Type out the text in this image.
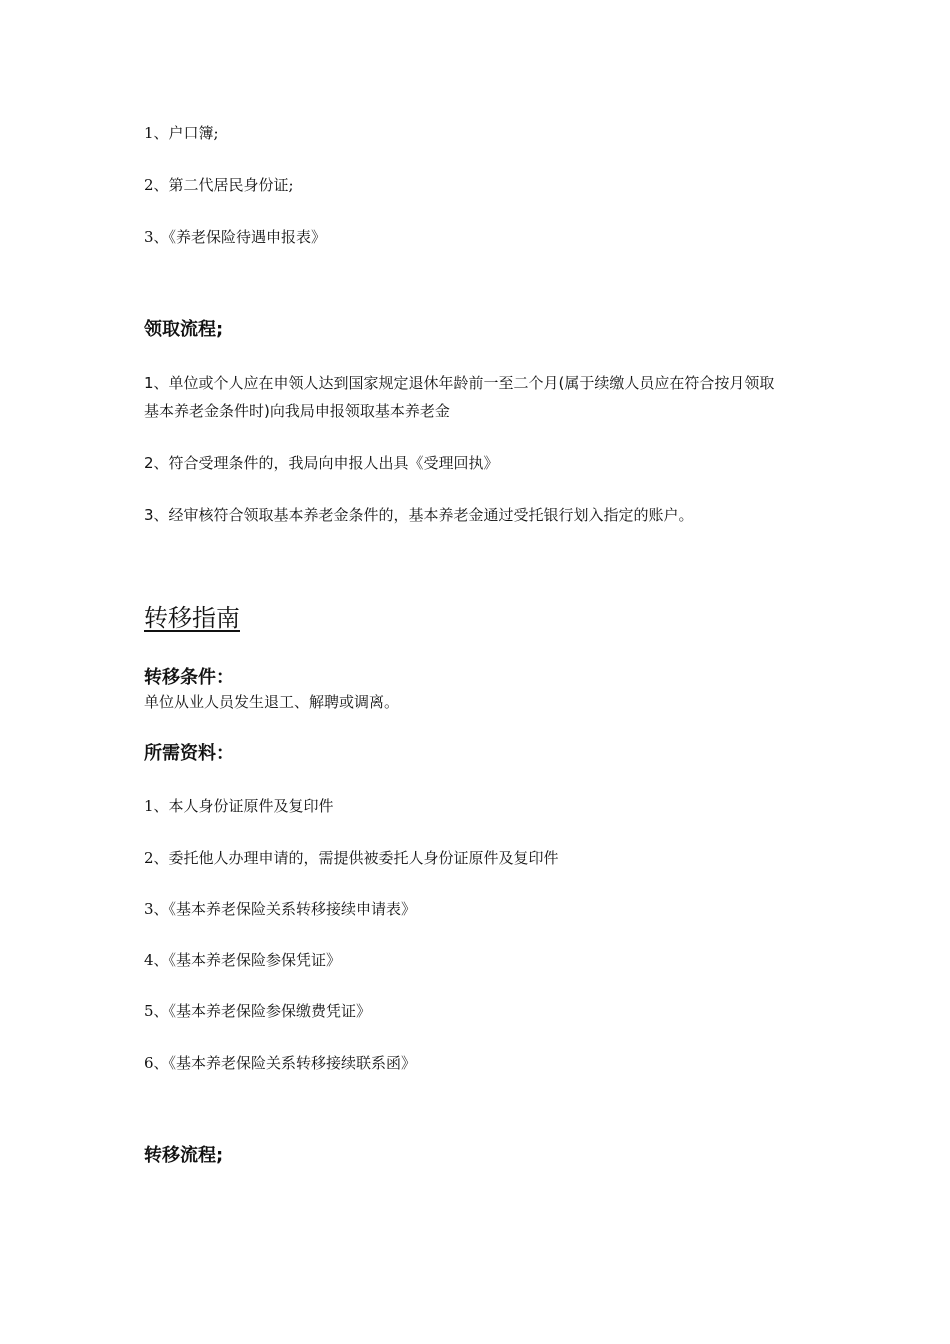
1、户口簿;
2、第二代居民身份证;
3、《养老保险待遇申报表》
领取流程;
1、单位或个人应在申领人达到国家规定退休年龄前一至二个月(属于续缴人员应在符合按月领取
基本养老金条件时)向我局申报领取基本养老金
2、符合受理条件的，我局向申报人出具《受理回执》
3、经审核符合领取基本养老金条件的，基本养老金通过受托银行划入指定的账户。
转移指南
转移条件：
单位从业人员发生退工、解聘或调离。
所需资料：
1、本人身份证原件及复印件
2、委托他人办理申请的，需提供被委托人身份证原件及复印件
3、《基本养老保险关系转移接续申请表》
4、《基本养老保险参保凭证》
5、《基本养老保险参保缴费凭证》
6、《基本养老保险关系转移接续联系函》
转移流程;
